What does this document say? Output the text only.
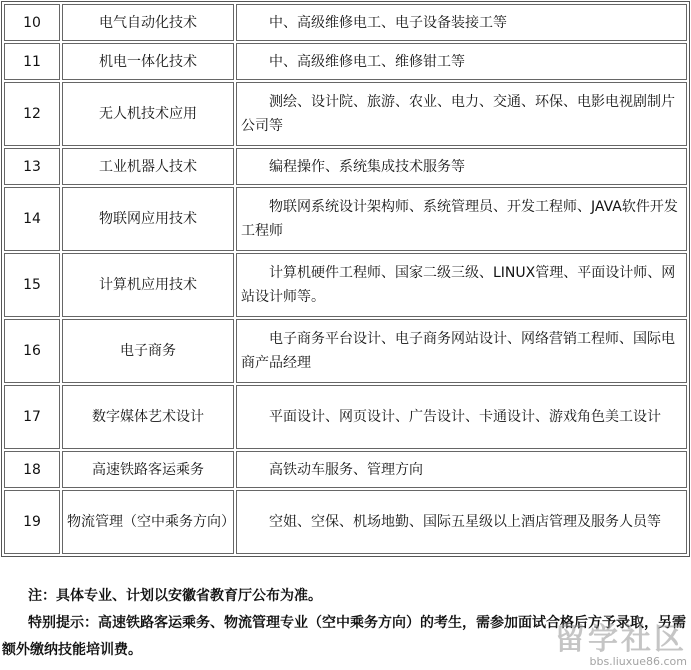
10	电气自动化技术	中、高级维修电工、电子设备装接工等

11	机电一体化技术	中、高级维修电工、维修钳工等

12	无人机技术应用	测绘、设计院、旅游、农业、电力、交通、环保、电影电视剧制片公司等

13	工业机器人技术	编程操作、系统集成技术服务等

14	物联网应用技术	物联网系统设计架构师、系统管理员、开发工程师、JAVA软件开发工程师

15	计算机应用技术	计算机硬件工程师、国家二级三级、LINUX管理、平面设计师、网站设计师等。

16	电子商务	电子商务平台设计、电子商务网站设计、网络营销工程师、国际电商产品经理

17	数字媒体艺术设计	平面设计、网页设计、广告设计、卡通设计、游戏角色美工设计

18	高速铁路客运乘务	高铁动车服务、管理方向

19	物流管理（空中乘务方向）	空姐、空保、机场地勤、国际五星级以上酒店管理及服务人员等

注：具体专业、计划以安徽省教育厅公布为准。

特别提示：高速铁路客运乘务、物流管理专业（空中乘务方向）的考生，需参加面试合格后方予录取，另需额外缴纳技能培训费。	留学社区
bbs.liuxue86.com
